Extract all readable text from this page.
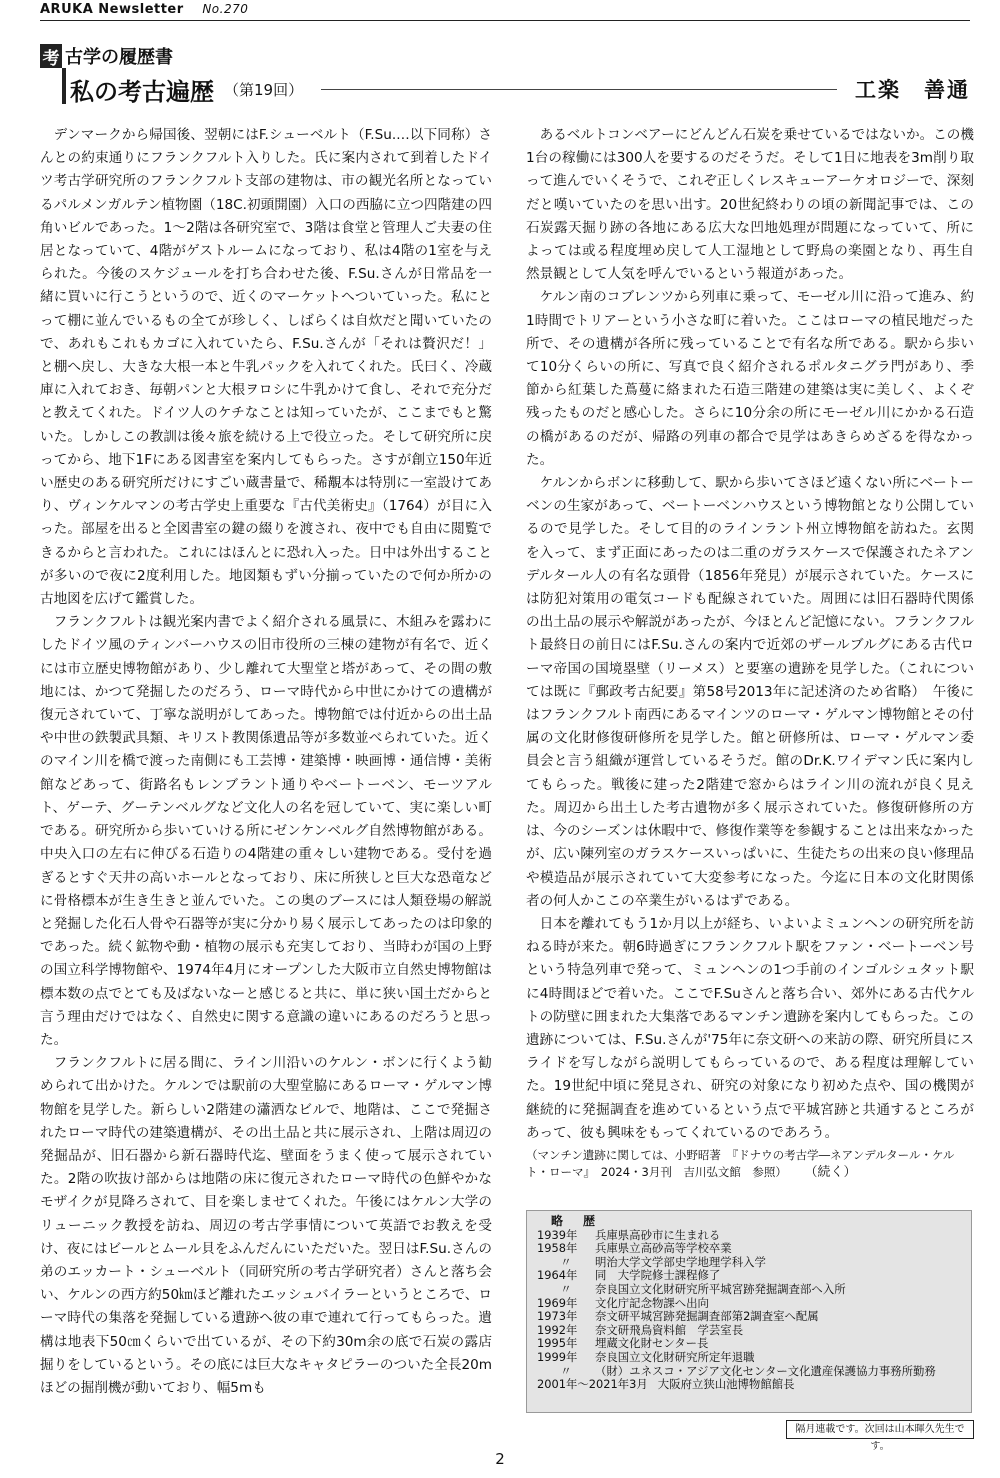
ARUKA Newsletter No.270
考 古学の履歴書
私の考古遍歴 （第19回）	工楽　善通

デンマークから帰国後、翌朝にはF.シューベルト（F.Su.…以下同称）さんとの約束通りにフランクフルト入りした。氏に案内されて到着したドイツ考古学研究所のフランクフルト支部の建物は、市の観光名所となっているパルメンガルテン植物園（18C.初頭開園）入口の西脇に立つ四階建の四角いビルであった。1～2階は各研究室で、3階は食堂と管理人ご夫妻の住居となっていて、4階がゲストルームになっており、私は4階の1室を与えられた。今後のスケジュールを打ち合わせた後、F.Su.さんが日常品を一緒に買いに行こうというので、近くのマーケットへついていった。私にとって棚に並んでいるもの全てが珍しく、しばらくは自炊だと聞いていたので、あれもこれもカゴに入れていたら、F.Su.さんが「それは贅沢だ！」と棚へ戻し、大きな大根一本と牛乳パックを入れてくれた。氏曰く、冷蔵庫に入れておき、毎朝パンと大根ヲロシに牛乳かけて食し、それで充分だと教えてくれた。ドイツ人のケチなことは知っていたが、ここまでもと驚いた。しかしこの教訓は後々旅を続ける上で役立った。そして研究所に戻ってから、地下1Fにある図書室を案内してもらった。さすが創立150年近い歴史のある研究所だけにすごい蔵書量で、稀覯本は特別に一室設けてあり、ヴィンケルマンの考古学史上重要な『古代美術史』（1764）が目に入った。部屋を出ると全図書室の鍵の綴りを渡され、夜中でも自由に閲覧できるからと言われた。これにはほんとに恐れ入った。日中は外出することが多いので夜に2度利用した。地図類もずい分揃っていたので何か所かの古地図を広げて鑑賞した。

フランクフルトは観光案内書でよく紹介される風景に、木組みを露わにしたドイツ風のティンバーハウスの旧市役所の三棟の建物が有名で、近くには市立歴史博物館があり、少し離れて大聖堂と塔があって、その間の敷地には、かつて発掘したのだろう、ローマ時代から中世にかけての遺構が復元されていて、丁寧な説明がしてあった。博物館では付近からの出土品や中世の鉄製武具類、キリスト教関係遺品等が多数並べられていた。近くのマイン川を橋で渡った南側にも工芸博・建築博・映画博・通信博・美術館などあって、街路名もレンブラント通りやベートーベン、モーツアルト、ゲーテ、グーテンベルグなど文化人の名を冠していて、実に楽しい町である。研究所から歩いていける所にゼンケンベルグ自然博物館がある。中央入口の左右に伸びる石造りの4階建の重々しい建物である。受付を過ぎるとすぐ天井の高いホールとなっており、床に所狭しと巨大な恐竜などに骨格標本が生き生きと並んでいた。この奥のブースには人類登場の解説と発掘した化石人骨や石器等が実に分かり易く展示してあったのは印象的であった。続く鉱物や動・植物の展示も充実しており、当時わが国の上野の国立科学博物館や、1974年4月にオープンした大阪市立自然史博物館は標本数の点でとても及ばないなーと感じると共に、単に狭い国土だからと言う理由だけではなく、自然史に関する意識の違いにあるのだろうと思った。

フランクフルトに居る間に、ライン川沿いのケルン・ボンに行くよう勧められて出かけた。ケルンでは駅前の大聖堂脇にあるローマ・ゲルマン博物館を見学した。新らしい2階建の瀟洒なビルで、地階は、ここで発掘されたローマ時代の建築遺構が、その出土品と共に展示され、上階は周辺の発掘品が、旧石器から新石器時代迄、壁面をうまく使って展示されていた。2階の吹抜け部からは地階の床に復元されたローマ時代の色鮮やかなモザイクが見降ろされて、目を楽しませてくれた。午後にはケルン大学のリューニック教授を訪ね、周辺の考古学事情について英語でお教えを受け、夜にはビールとムール貝をふんだんにいただいた。翌日はF.Su.さんの弟のエッカート・シューベルト（同研究所の考古学研究者）さんと落ち会い、ケルンの西方約50㎞ほど離れたエッシュバイラーというところで、ローマ時代の集落を発掘している遺跡へ彼の車で連れて行ってもらった。遺構は地表下50㎝くらいで出ているが、その下約30m余の底で石炭の露店掘りをしているという。その底には巨大なキャタピラーのついた全長20mほどの掘削機が動いており、幅5mも

あるベルトコンベアーにどんどん石炭を乗せているではないか。この機1台の稼働には300人を要するのだそうだ。そして1日に地表を3m削り取って進んでいくそうで、これぞ正しくレスキューアーケオロジーで、深刻だと嘆いていたのを思い出す。20世紀終わりの頃の新聞記事では、この石炭露天掘り跡の各地にある広大な凹地処理が問題になっていて、所によっては或る程度埋め戻して人工湿地として野鳥の楽園となり、再生自然景観として人気を呼んでいるという報道があった。

ケルン南のコブレンツから列車に乗って、モーゼル川に沿って進み、約1時間でトリアーという小さな町に着いた。ここはローマの植民地だった所で、その遺構が各所に残っていることで有名な所である。駅から歩いて10分くらいの所に、写真で良く紹介されるポルタニグラ門があり、季節から紅葉した蔦蔓に絡まれた石造三階建の建築は実に美しく、よくぞ残ったものだと感心した。さらに10分余の所にモーゼル川にかかる石造の橋があるのだが、帰路の列車の都合で見学はあきらめざるを得なかった。

ケルンからボンに移動して、駅から歩いてさほど遠くない所にベートーベンの生家があって、ベートーベンハウスという博物館となり公開しているので見学した。そして目的のラインラント州立博物館を訪ねた。玄関を入って、まず正面にあったのは二重のガラスケースで保護されたネアンデルタール人の有名な頭骨（1856年発見）が展示されていた。ケースには防犯対策用の電気コードも配線されていた。周囲には旧石器時代関係の出土品の展示や解説があったが、今ほとんど記憶にない。フランクフルト最終日の前日にはF.Su.さんの案内で近郊のザールブルグにある古代ローマ帝国の国境塁壁（リーメス）と要塞の遺跡を見学した。（これについては既に『郵政考古紀要』第58号2013年に記述済のため省略）　午後にはフランクフルト南西にあるマインツのローマ・ゲルマン博物館とその付属の文化財修復研修所を見学した。館と研修所は、ローマ・ゲルマン委員会と言う組織が運営しているそうだ。館のDr.K.ワイデマン氏に案内してもらった。戦後に建った2階建で窓からはライン川の流れが良く見えた。周辺から出土した考古遺物が多く展示されていた。修復研修所の方は、今のシーズンは休暇中で、修復作業等を参観することは出来なかったが、広い陳列室のガラスケースいっぱいに、生徒たちの出来の良い修理品や模造品が展示されていて大変参考になった。今迄に日本の文化財関係者の何人かここの卒業生がいるはずである。

日本を離れてもう1か月以上が経ち、いよいよミュンヘンの研究所を訪ねる時が来た。朝6時過ぎにフランクフルト駅をファン・ベートーベン号という特急列車で発って、ミュンヘンの1つ手前のインゴルシュタット駅に4時間ほどで着いた。ここでF.Suさんと落ち合い、郊外にある古代ケルトの防壁に囲まれた大集落であるマンチン遺跡を案内してもらった。この遺跡については、F.Su.さんが'75年に奈文研への来訪の際、研究所員にスライドを写しながら説明してもらっているので、ある程度は理解していた。19世紀中頃に発見され、研究の対象になり初めた点や、国の機関が継続的に発掘調査を進めているという点で平城宮跡と共通するところがあって、彼も興味をもってくれているのであろう。

（マンチン遺跡に関しては、小野昭著　『ドナウの考古学―ネアンデルタール・ケルト・ローマ』　2024・3月刊　吉川弘文館　参照） （続く）
略　歴
1939年	兵庫県高砂市に生まれる
1958年	兵庫県立高砂高等学校卒業
〃	明治大学文学部史学地理学科入学
1964年	同　大学院修士課程修了
〃	奈良国立文化財研究所平城宮跡発掘調査部へ入所
1969年	文化庁記念物課へ出向
1973年	奈文研平城宮跡発掘調査部第2調査室へ配属
1992年	奈文研飛鳥資料館　学芸室長
1995年	埋蔵文化財センター長
1999年	奈良国立文化財研究所定年退職
〃	（財）ユネスコ・アジア文化センター文化遺産保護協力事務所勤務
2001年～2021年3月 大阪府立狭山池博物館館長
隔月連載です。次回は山本暉久先生です。
2
